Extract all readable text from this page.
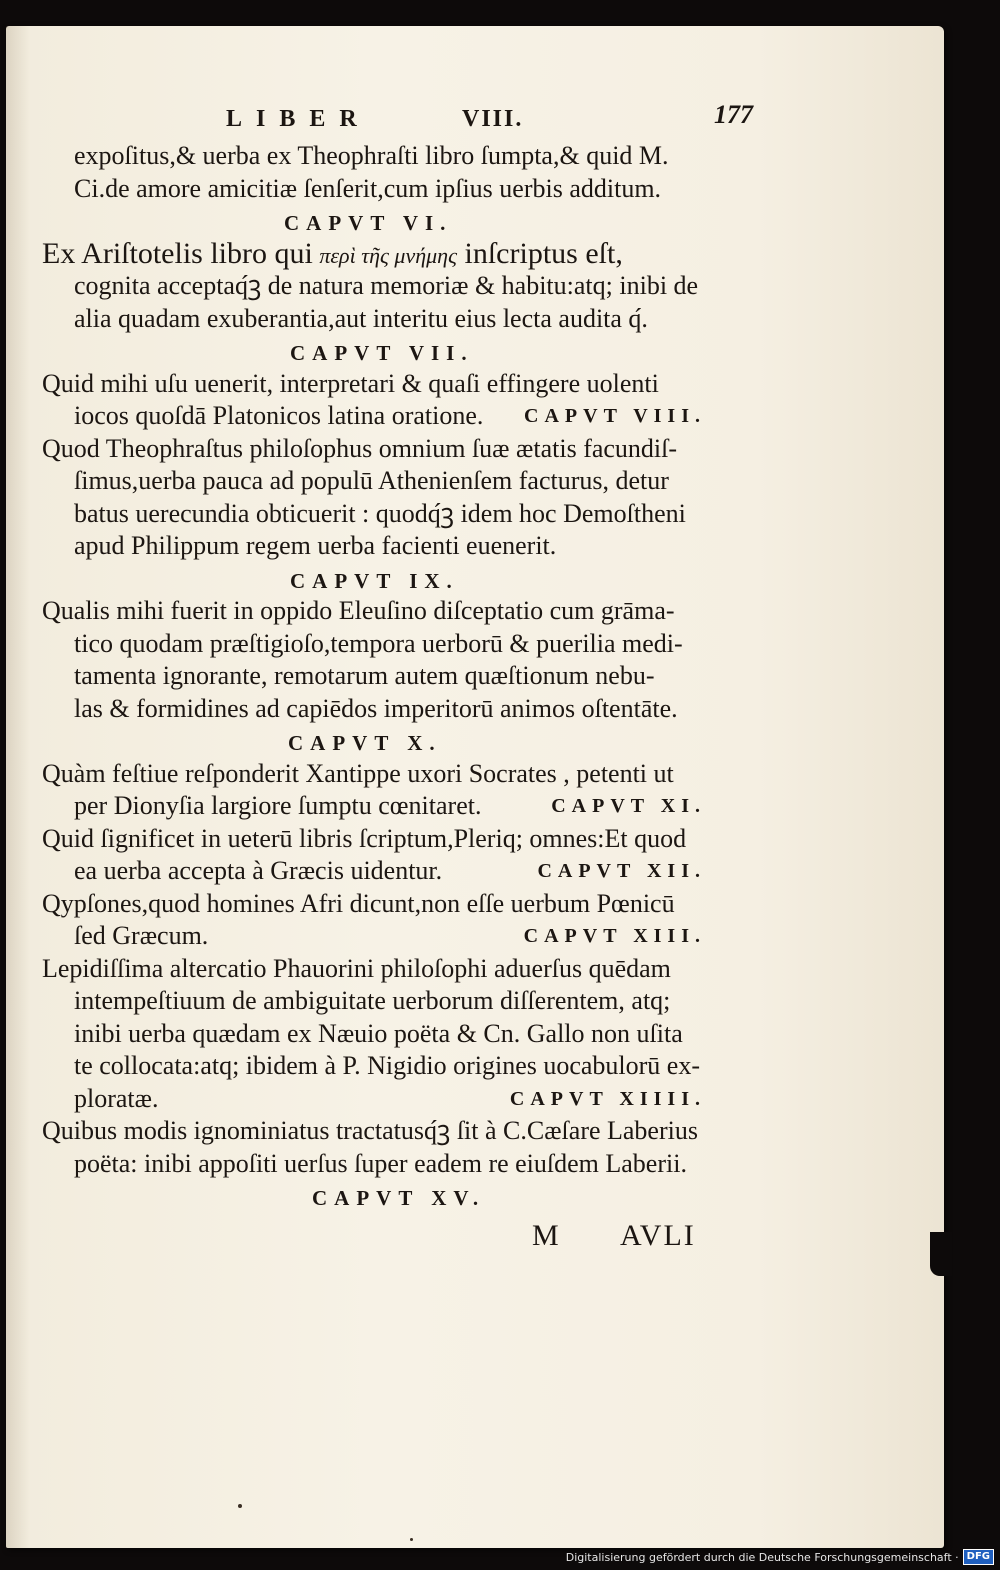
LIBER	VIII.	177
expoſitus,& uerba ex Theophraſti libro ſumpta,& quid M.
Ci.de amore amicitiæ ſenſerit,cum ipſius uerbis additum.
CAPVT VI.
Ex Ariſtotelis libro qui περὶ τῆς μνήμης inſcriptus eſt,
cognita acceptaq́ꝫ de natura memoriæ & habitu:atq; inibi de
alia quadam exuberantia,aut interitu eius lecta audita q́.
CAPVT VII.
Quid mihi uſu uenerit, interpretari & quaſi effingere uolenti
iocos quoſdā Platonicos latina oratione. CAPVT VIII.
Quod Theophraſtus philoſophus omnium ſuæ ætatis facundiſ-
ſimus,uerba pauca ad populū Athenienſem facturus, detur
batus uerecundia obticuerit : quodq́ꝫ idem hoc Demoſtheni
apud Philippum regem uerba facienti euenerit.
CAPVT IX.
Qualis mihi fuerit in oppido Eleuſino diſceptatio cum grāma-
tico quodam præſtigioſo,tempora uerborū & puerilia medi-
tamenta ignorante, remotarum autem quæſtionum nebu-
las & formidines ad capiēdos imperitorū animos oſtentāte.
CAPVT X.
Quàm feſtiue reſponderit Xantippe uxori Socrates , petenti ut
per Dionyſia largiore ſumptu cœnitaret.	CAPVT XI.
Quid ſignificet in ueterū libris ſcriptum,Pleriq; omnes:Et quod
ea uerba accepta à Græcis uidentur.	CAPVT XII.
Qypſones,quod homines Afri dicunt,non eſſe uerbum Pœnicū
ſed Græcum.	CAPVT XIII.
Lepidiſſima altercatio Phauorini philoſophi aduerſus quēdam
intempeſtiuum de ambiguitate uerborum diſſerentem, atq;
inibi uerba quædam ex Næuio poëta & Cn. Gallo non uſita
te collocata:atq; ibidem à P. Nigidio origines uocabulorū ex-
ploratæ.	CAPVT XIIII.
Quibus modis ignominiatus tractatusq́ꝫ ſit à C.Cæſare Laberius
poëta: inibi appoſiti uerſus ſuper eadem re eiuſdem Laberii.
CAPVT XV.
M AVLI
Digitalisierung gefördert durch die Deutsche Forschungsgemeinschaft · DFG
